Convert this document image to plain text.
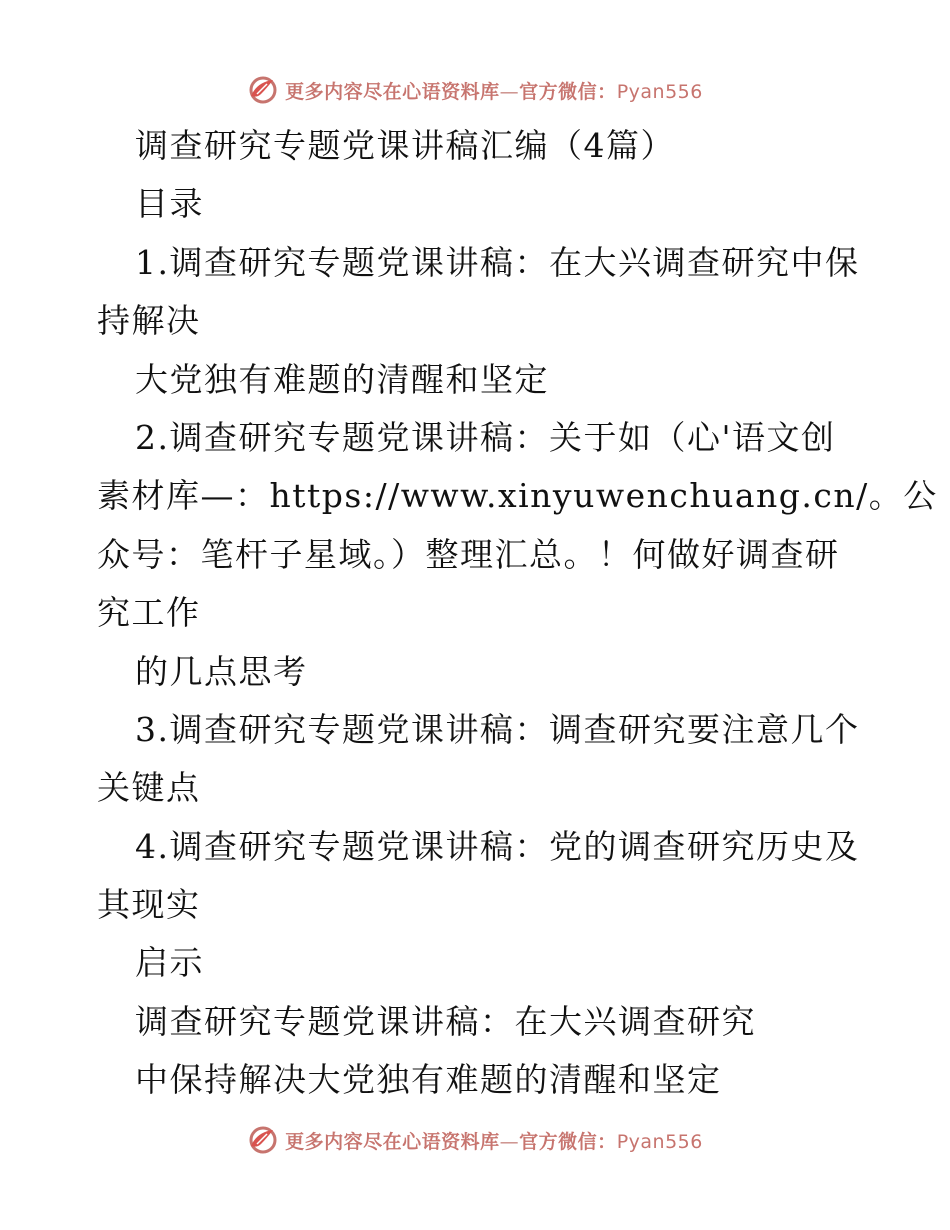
更多内容尽在心语资料库—官方微信：Pyan556
调查研究专题党课讲稿汇编（4篇）
目录
1.调查研究专题党课讲稿：在大兴调查研究中保
持解决
大党独有难题的清醒和坚定
2.调查研究专题党课讲稿：关于如（心'语文创
素材库—：https://www.xinyuwenchuang.cn/。公
众号：笔杆子星域。）整理汇总。！何做好调查研
究工作
的几点思考
3.调查研究专题党课讲稿：调查研究要注意几个
关键点
4.调查研究专题党课讲稿：党的调查研究历史及
其现实
启示
调查研究专题党课讲稿：在大兴调查研究
中保持解决大党独有难题的清醒和坚定
更多内容尽在心语资料库—官方微信：Pyan556
